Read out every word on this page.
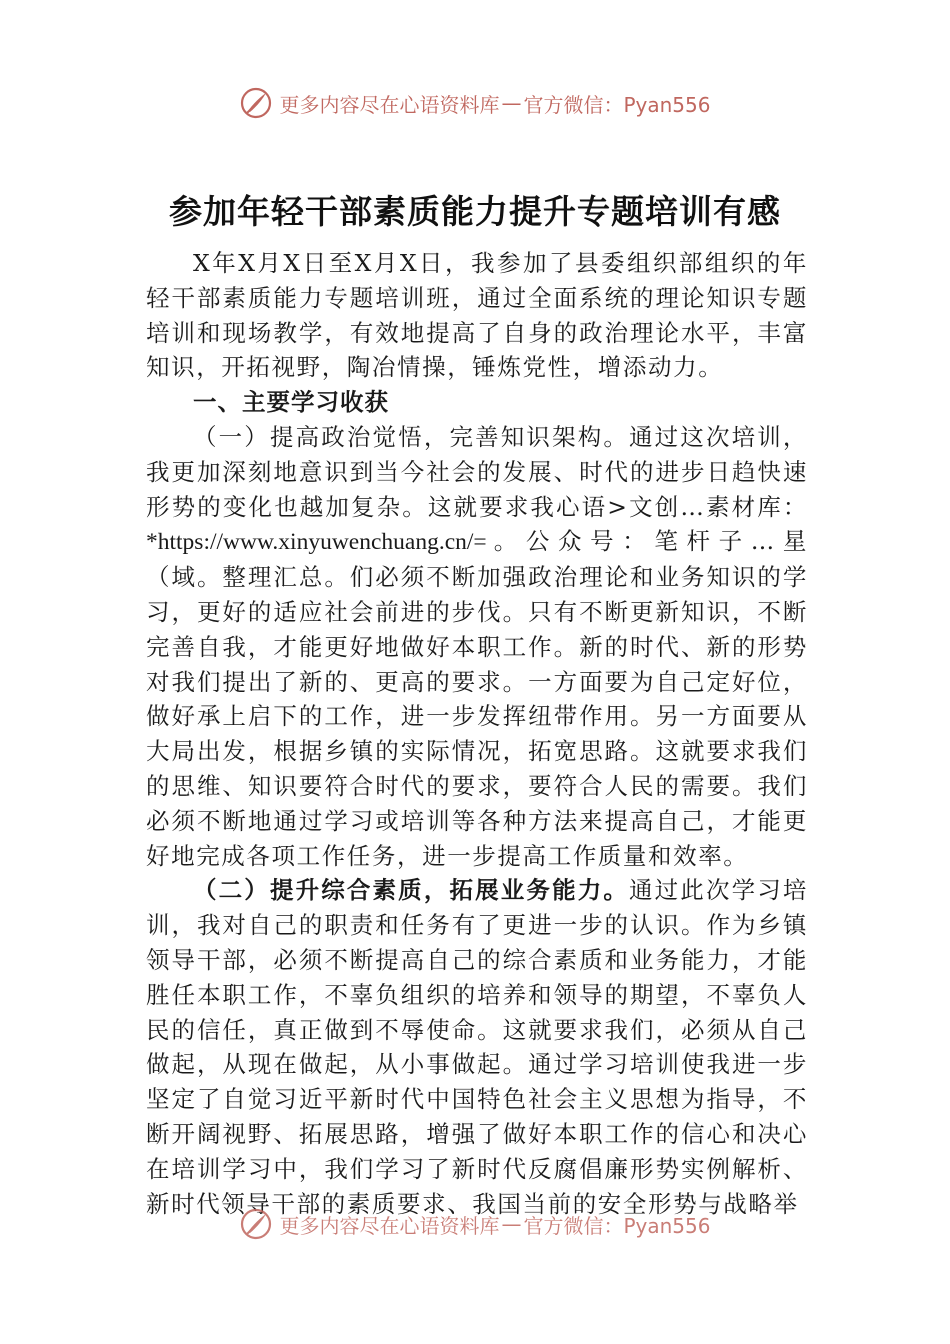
更多内容尽在心语资料库 — 官方微信：Pyan556
参加年轻干部素质能力提升专题培训有感

X年X月X日至X月X日，我参加了县委组织部组织的年轻干部素质能力专题培训班，通过全面系统的理论知识专题培训和现场教学，有效地提高了自身的政治理论水平，丰富知识，开拓视野，陶冶情操，锤炼党性，增添动力。

一、主要学习收获

（一）提高政治觉悟，完善知识架构。通过这次培训，我更加深刻地意识到当今社会的发展、时代的进步日趋快速形势的变化也越加复杂。这就要求我心语>文创…素材库：*https://www.xinyuwenchuang.cn/=。公众号：笔杆子…星（域。整理汇总。们必须不断加强政治理论和业务知识的学习，更好的适应社会前进的步伐。只有不断更新知识，不断完善自我，才能更好地做好本职工作。新的时代、新的形势对我们提出了新的、更高的要求。一方面要为自己定好位，做好承上启下的工作，进一步发挥纽带作用。另一方面要从大局出发，根据乡镇的实际情况，拓宽思路。这就要求我们的思维、知识要符合时代的要求，要符合人民的需要。我们必须不断地通过学习或培训等各种方法来提高自己，才能更好地完成各项工作任务，进一步提高工作质量和效率。

（二）提升综合素质，拓展业务能力。通过此次学习培训，我对自己的职责和任务有了更进一步的认识。作为乡镇领导干部，必须不断提高自己的综合素质和业务能力，才能胜任本职工作，不辜负组织的培养和领导的期望，不辜负人民的信任，真正做到不辱使命。这就要求我们，必须从自己做起，从现在做起，从小事做起。通过学习培训使我进一步坚定了自觉习近平新时代中国特色社会主义思想为指导，不断开阔视野、拓展思路，增强了做好本职工作的信心和决心在培训学习中，我们学习了新时代反腐倡廉形势实例解析、新时代领导干部的素质要求、我国当前的安全形势与战略举

更多内容尽在心语资料库 — 官方微信：Pyan556
